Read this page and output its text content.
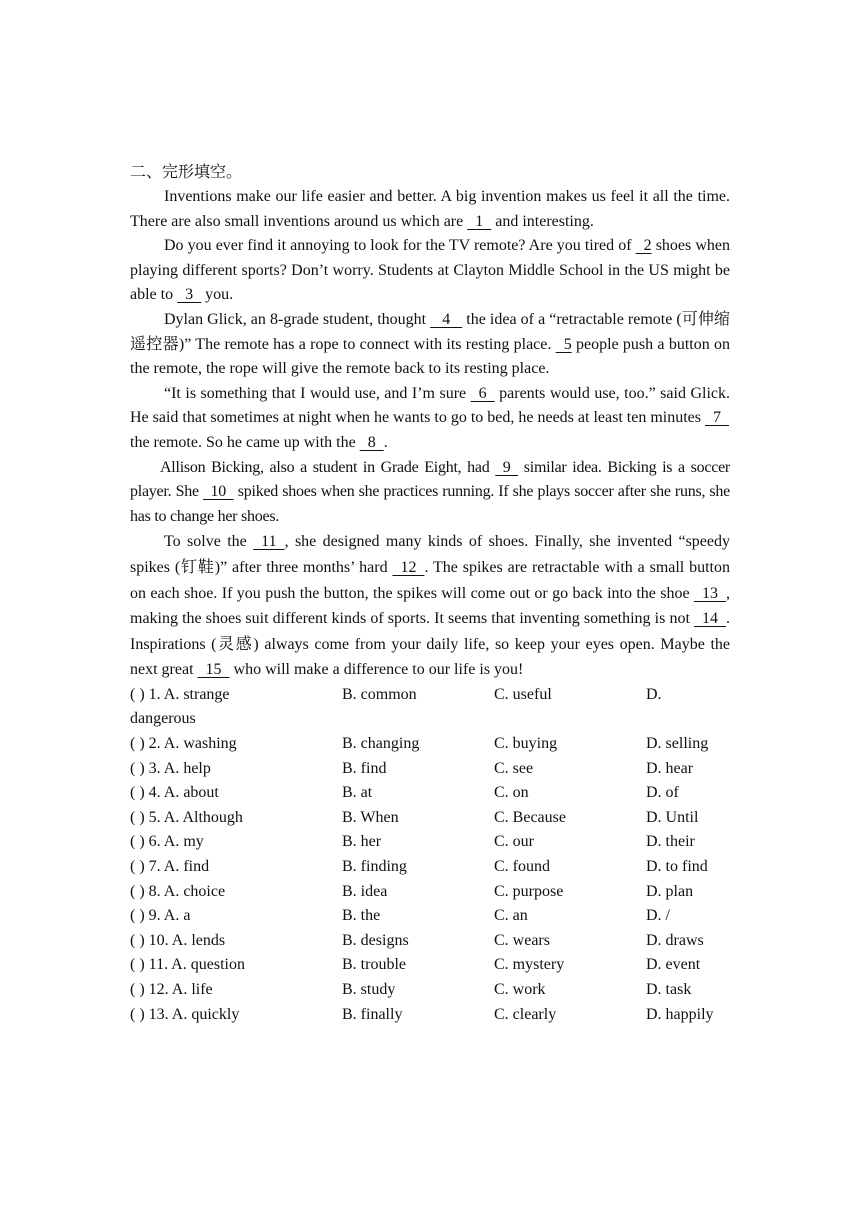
二、完形填空。

Inventions make our life easier and better. A big invention makes us feel it all the time. There are also small inventions around us which are   1   and interesting.

Do you ever find it annoying to look for the TV remote? Are you tired of   2 shoes when playing different sports? Don’t worry. Students at Clayton Middle School in the US might be able to   3   you.

Dylan Glick, an 8-grade student, thought    4    the idea of a “retractable remote (可伸缩遥控器)” The remote has a rope to connect with its resting place.   5 people push a button on the remote, the rope will give the remote back to its resting place.

“It is something that I would use, and I’m sure   6   parents would use, too.” said Glick. He said that sometimes at night when he wants to go to bed, he needs at least ten minutes   7

the remote. So he came up with the   8  .

Allison Bicking, also a student in Grade Eight, had   9   similar idea. Bicking is a soccer player. She   10   spiked shoes when she practices running. If she plays soccer after she runs, she has to change her shoes.

To solve the   11  , she designed many kinds of shoes. Finally, she invented “speedy spikes (钉鞋)” after three months’ hard   12  . The spikes are retractable with a small button on each shoe. If you push the button, the spikes will come out or go back into the shoe   13  , making the shoes suit different kinds of sports. It seems that inventing something is not   14  . Inspirations (灵感) always come from your daily life, so keep your eyes open. Maybe the next great   15   who will make a difference to our life is you!

( ) 1. A. strange	B. common	C. useful	D.
dangerous
( ) 2. A. washing	B. changing	C. buying	D. selling
( ) 3. A. help	B. find	C. see	D. hear
( ) 4. A. about	B. at	C. on	D. of
( ) 5. A. Although	B. When	C. Because	D. Until
( ) 6. A. my	B. her	C. our	D. their
( ) 7. A. find	B. finding	C. found	D. to find
( ) 8. A. choice	B. idea	C. purpose	D. plan
( ) 9. A. a	B. the	C. an	D. /
( ) 10. A. lends	B. designs	C. wears	D. draws
( ) 11. A. question	B. trouble	C. mystery	D. event
( ) 12. A. life	B. study	C. work	D. task
( ) 13. A. quickly	B. finally	C. clearly	D. happily
